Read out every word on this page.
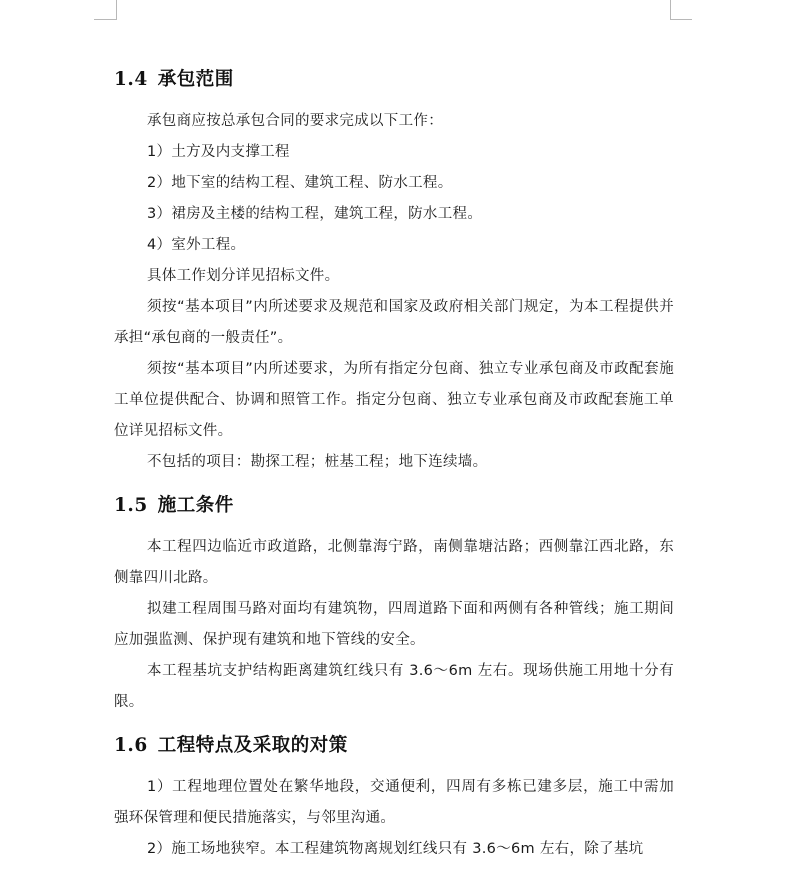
1.4 承包范围

承包商应按总承包合同的要求完成以下工作：

1）土方及内支撑工程

2）地下室的结构工程、建筑工程、防水工程。

3）裙房及主楼的结构工程，建筑工程，防水工程。

4）室外工程。

具体工作划分详见招标文件。

须按“基本项目”内所述要求及规范和国家及政府相关部门规定，为本工程提供并承担“承包商的一般责任”。

须按“基本项目”内所述要求，为所有指定分包商、独立专业承包商及市政配套施工单位提供配合、协调和照管工作。指定分包商、独立专业承包商及市政配套施工单位详见招标文件。

不包括的项目：勘探工程；桩基工程；地下连续墙。

1.5 施工条件

本工程四边临近市政道路，北侧靠海宁路，南侧靠塘沽路；西侧靠江西北路，东侧靠四川北路。

拟建工程周围马路对面均有建筑物，四周道路下面和两侧有各种管线；施工期间应加强监测、保护现有建筑和地下管线的安全。

本工程基坑支护结构距离建筑红线只有 3.6～6m 左右。现场供施工用地十分有限。

1.6 工程特点及采取的对策

1）工程地理位置处在繁华地段，交通便利，四周有多栋已建多层，施工中需加强环保管理和便民措施落实，与邻里沟通。

2）施工场地狭窄。本工程建筑物离规划红线只有 3.6～6m 左右，除了基坑
